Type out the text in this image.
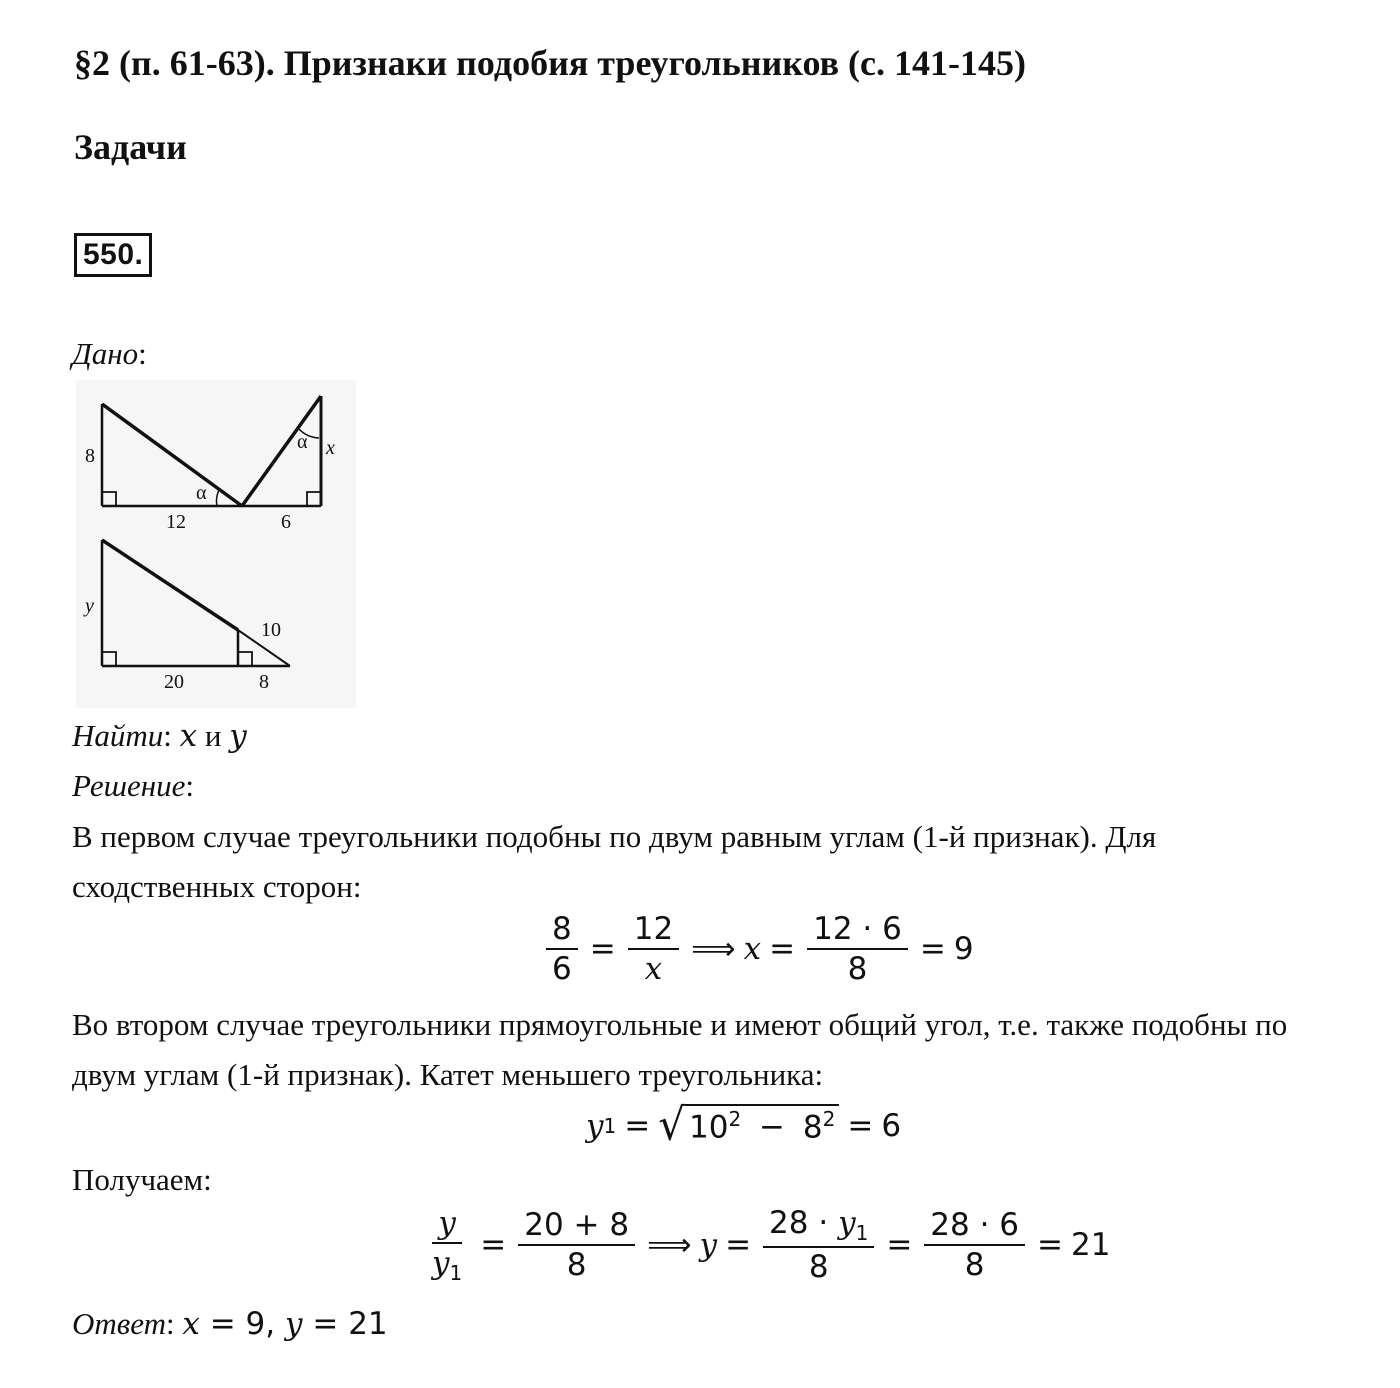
§2 (п. 61-63). Признаки подобия треугольников (с. 141-145)
Задачи
550.
Дано:
8
12	6
α
α x
y
10
20	8
Найти: x и y
Решение:
В первом случае треугольники подобны по двум равным углам (1-й признак). Для сходственных сторон:
$\frac{8}{6} = \frac{12}{x}$ ⟹ $x = \frac{12 \cdot 6}{8} = 9$
Во втором случае треугольники прямоугольные и имеют общий угол, т.е. также подобны по двум углам (1-й признак). Катет меньшего треугольника:
y 1 = √ $10^2 - 8^2 = 6$
Получаем:
$\frac{y}{y_1} = \frac{20 + 8}{8}$ ⟹ $y = \frac{28 \cdot y_1}{8} = \frac{28 \cdot 6}{8} = 21$
Ответ: x = 9, y = 21
